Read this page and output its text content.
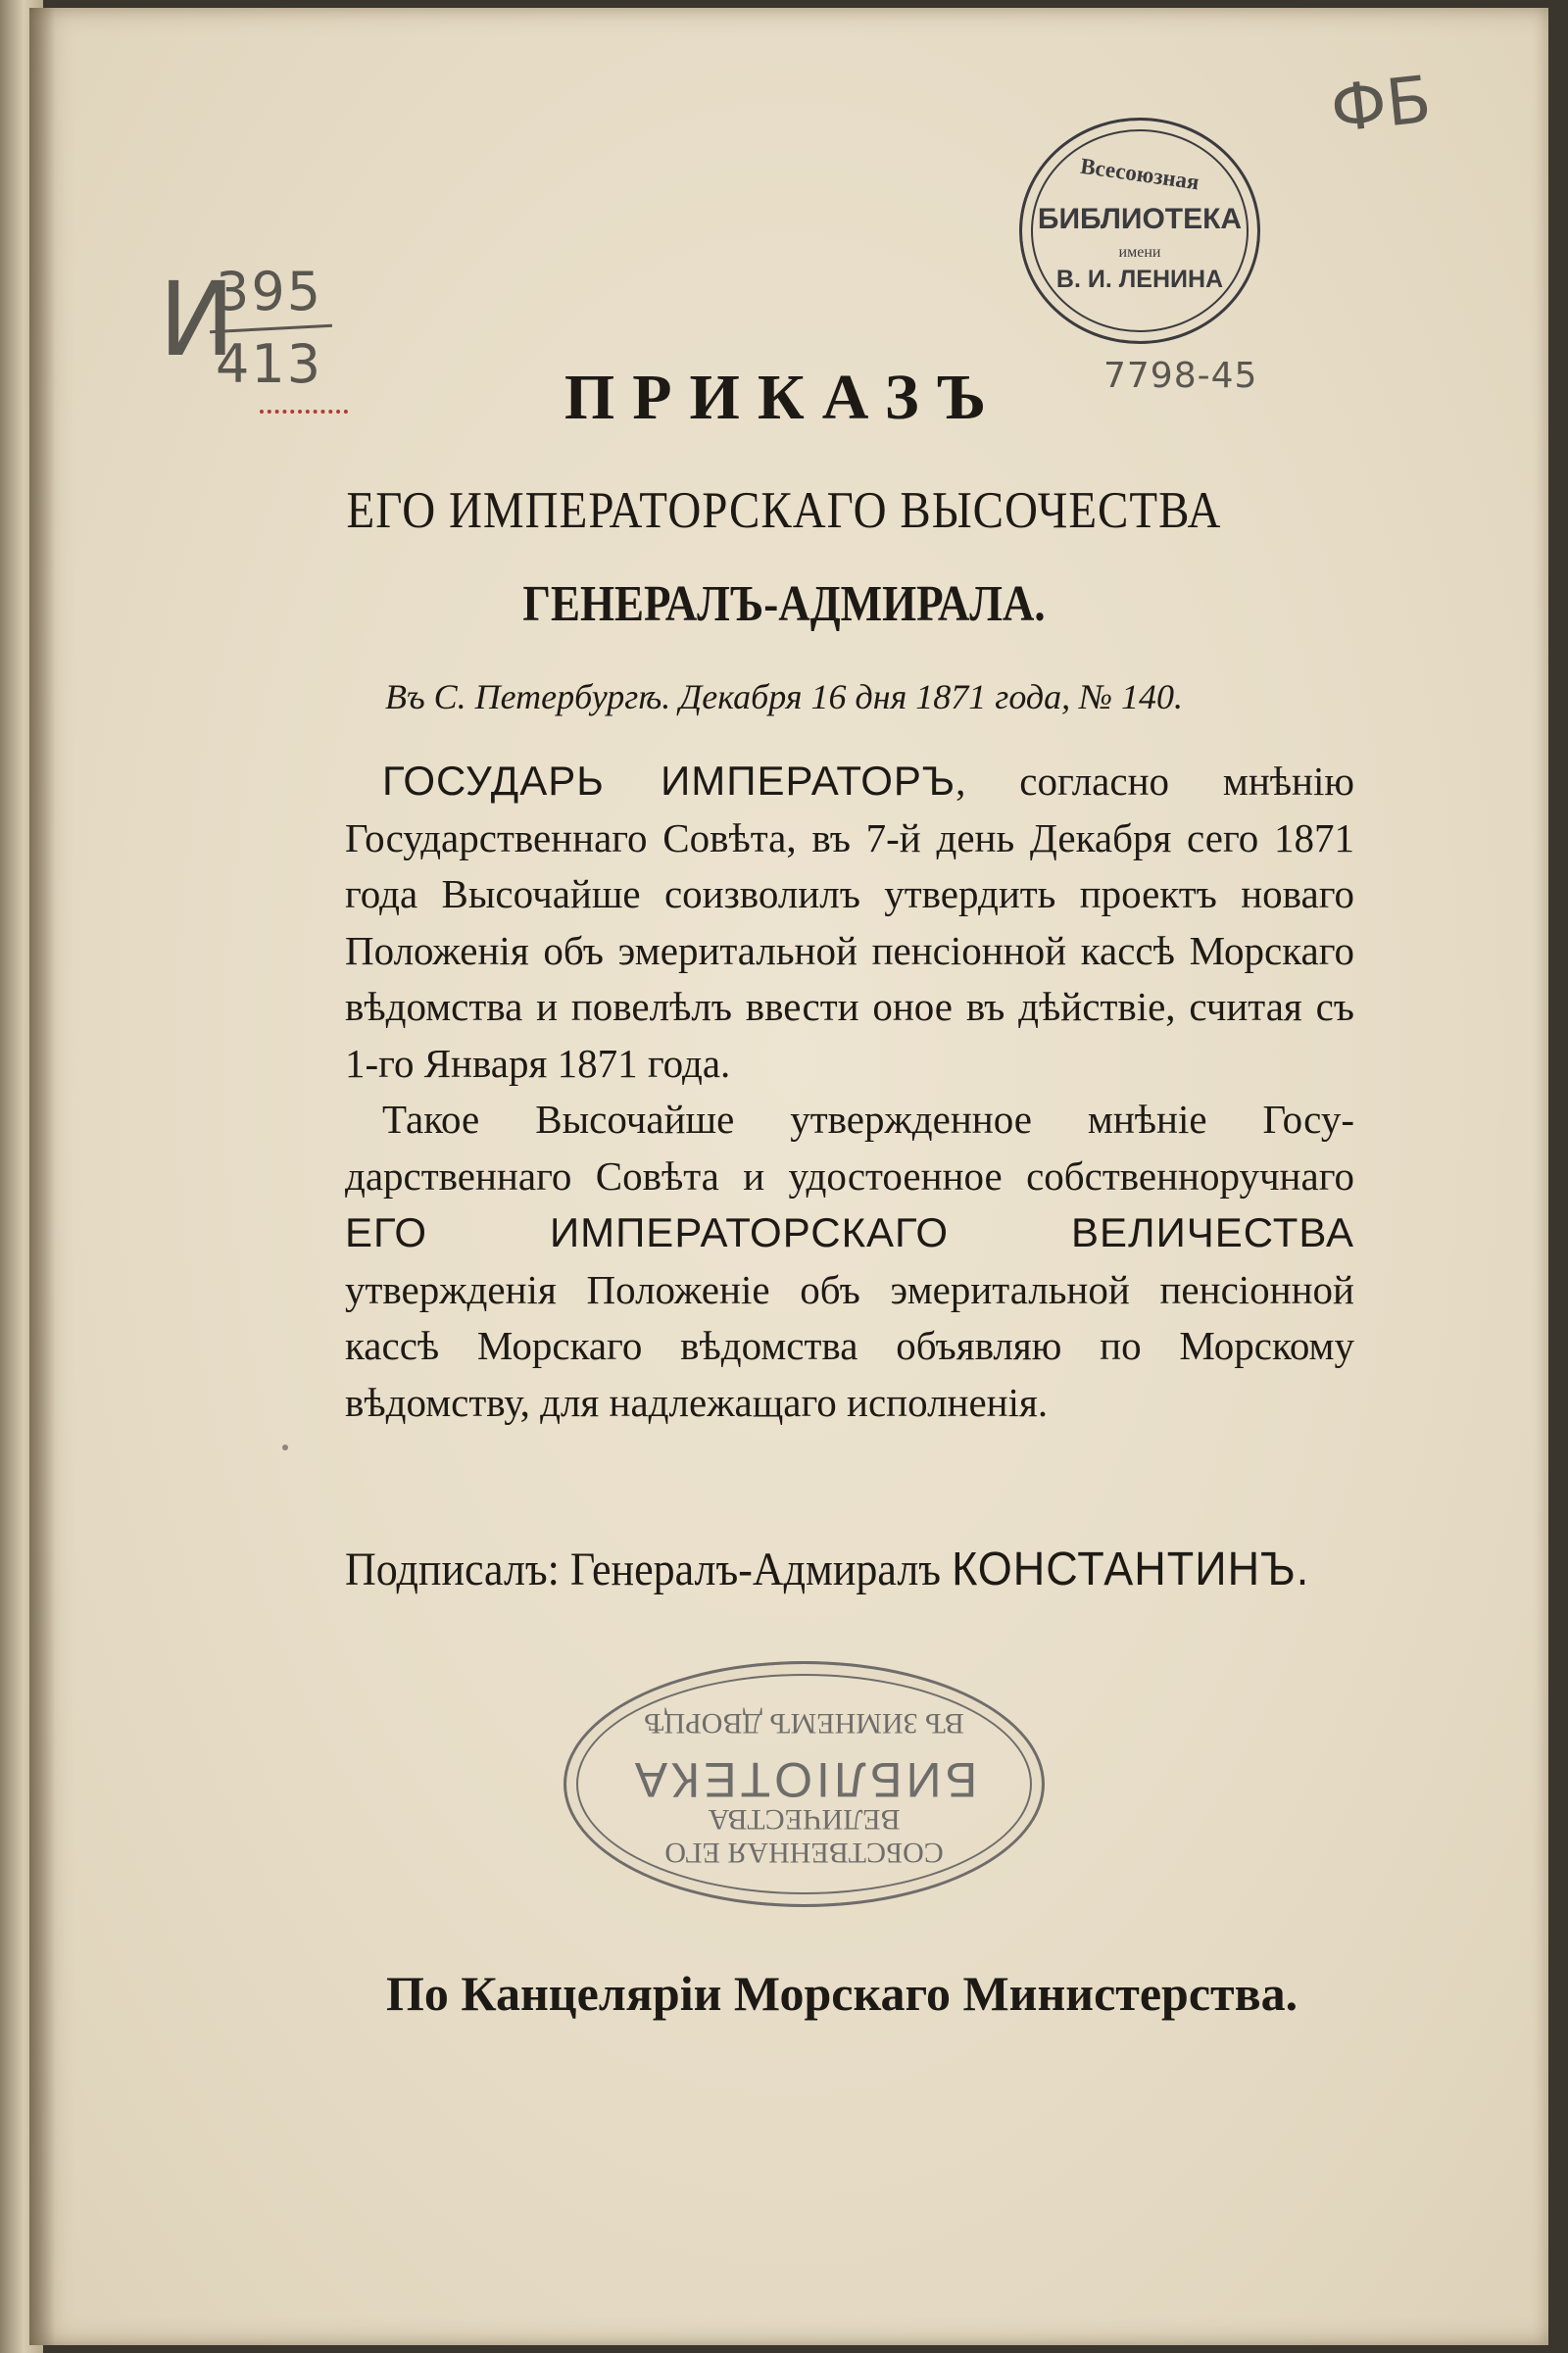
И
395
413
ФБ
7798-45
Всесоюзная
БИБЛИОТЕКА
имени
В. И. ЛЕНИНА
ПРИКАЗЪ
ЕГО ИМПЕРАТОРСКАГО ВЫСОЧЕСТВА
ГЕНЕРАЛЪ-АДМИРАЛА.
Въ С. Петербургѣ. Декабря 16 дня 1871 года, № 140.

ГОСУДАРЬ ИМПЕРАТОРЪ, согласно мнѣнію Государственнаго Совѣта, въ 7-й день Декабря сего 1871 года Высочайше соизволилъ утвердить проектъ новаго Положенія объ эмеритальной пенсіонной кассѣ Морскаго вѣдомства и повелѣлъ ввести оное въ дѣйствіе, считая съ 1-го Января 1871 года.

Такое Высочайше утвержденное мнѣніе Государственнаго Совѣта и удостоенное собственноручнаго ЕГО ИМПЕРАТОРСКАГО ВЕЛИЧЕСТВА утвержденія Положеніе объ эмеритальной пенсіонной кассѣ Морскаго вѣдомства объявляю по Морскому вѣдомству, для надлежащаго исполненія.

Подписалъ: Генералъ-Адмиралъ КОНСТАНТИНЪ.
СОБСТВЕННАЯ ЕГО ВЕЛИЧЕСТВА
БИБЛІОТЕКА
ВЪ ЗИМНЕМЪ ДВОРЦѢ

По Канцеляріи Морскаго Министерства.
